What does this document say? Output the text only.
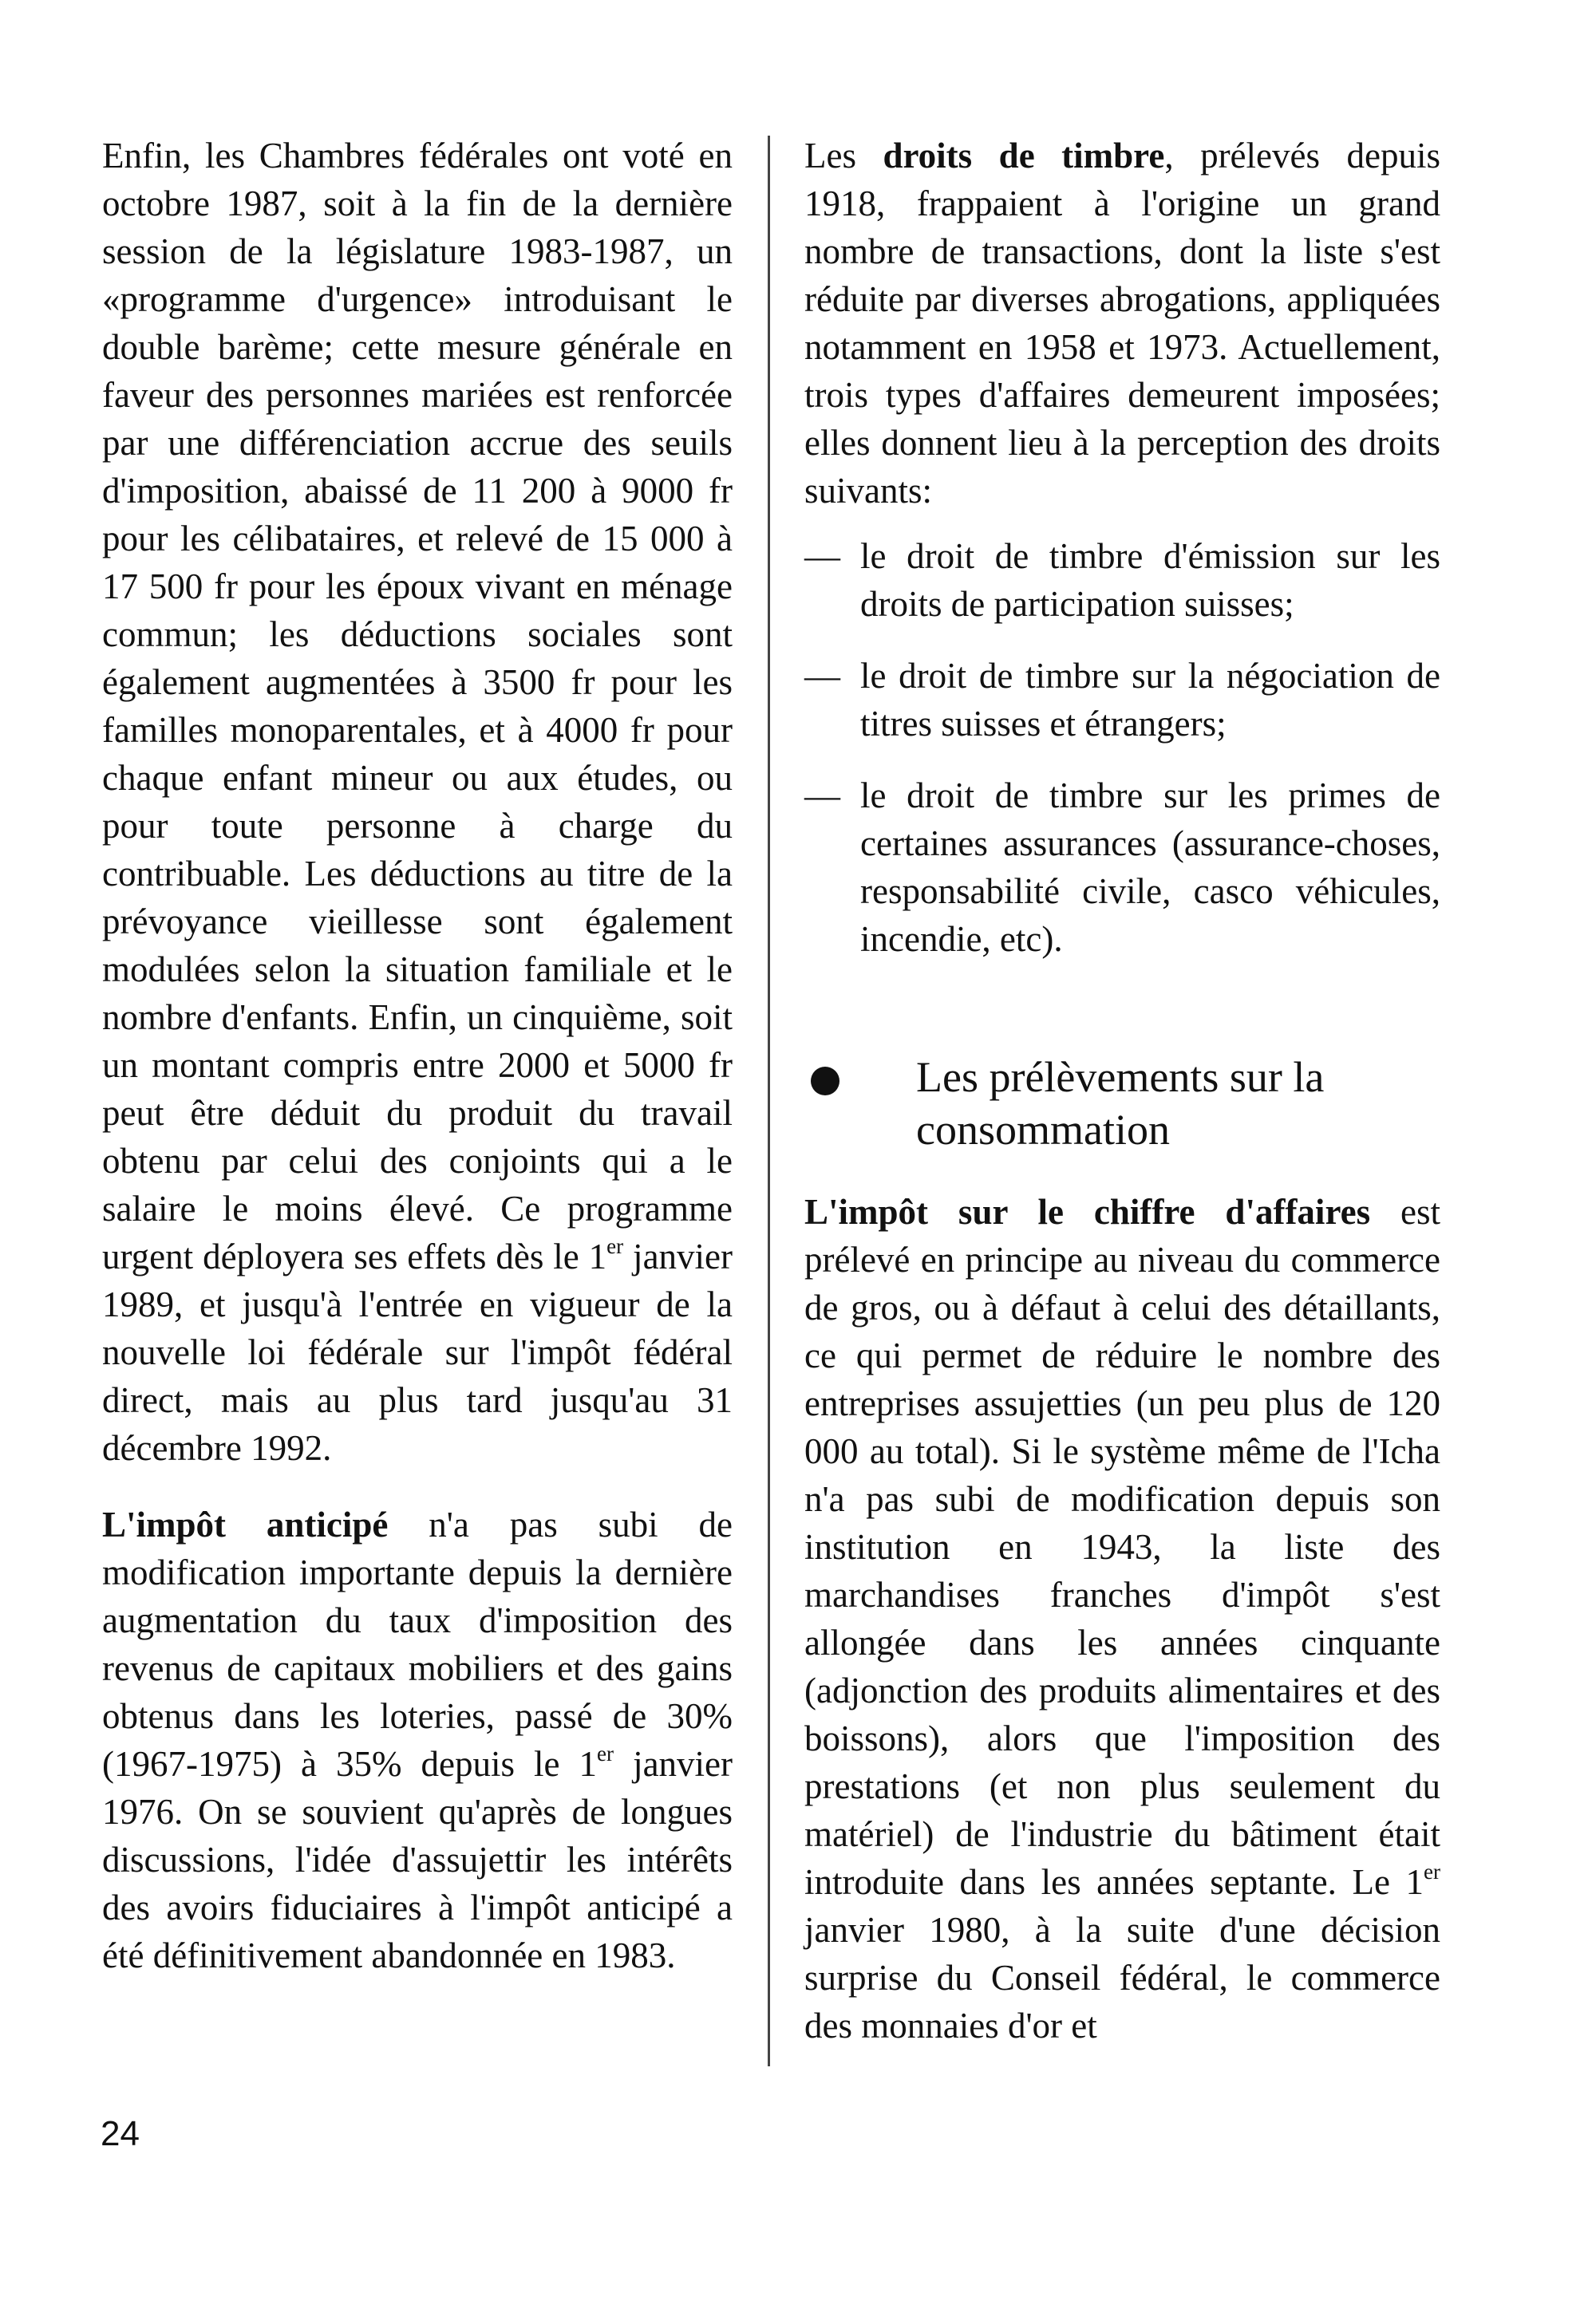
Enfin, les Chambres fédérales ont voté en octobre 1987, soit à la fin de la dernière session de la législature 1983-1987, un «programme d'urgence» introduisant le double barème; cette mesure générale en faveur des personnes mariées est renforcée par une différenciation accrue des seuils d'imposition, abaissé de 11 200 à 9000 fr pour les célibataires, et relevé de 15 000 à 17 500 fr pour les époux vivant en ménage commun; les déductions sociales sont également augmentées à 3500 fr pour les familles monoparentales, et à 4000 fr pour chaque enfant mineur ou aux études, ou pour toute personne à charge du contribuable. Les déductions au titre de la prévoyance vieillesse sont également modulées selon la situation familiale et le nombre d'enfants. Enfin, un cinquième, soit un montant compris entre 2000 et 5000 fr peut être déduit du produit du travail obtenu par celui des conjoints qui a le salaire le moins élevé. Ce programme urgent déployera ses effets dès le 1er janvier 1989, et jusqu'à l'entrée en vigueur de la nouvelle loi fédérale sur l'impôt fédéral direct, mais au plus tard jusqu'au 31 décembre 1992.

L'impôt anticipé n'a pas subi de modification importante depuis la dernière augmentation du taux d'imposition des revenus de capitaux mobiliers et des gains obtenus dans les loteries, passé de 30% (1967-1975) à 35% depuis le 1er janvier 1976. On se souvient qu'après de longues discussions, l'idée d'assujettir les intérêts des avoirs fiduciaires à l'impôt anticipé a été définitivement abandonnée en 1983.

Les droits de timbre, prélevés depuis 1918, frappaient à l'origine un grand nombre de transactions, dont la liste s'est réduite par diverses abrogations, appliquées notamment en 1958 et 1973. Actuellement, trois types d'affaires demeurent imposées; elles donnent lieu à la perception des droits suivants:

— le droit de timbre d'émission sur les droits de participation suisses;
— le droit de timbre sur la négociation de titres suisses et étrangers;
— le droit de timbre sur les primes de certaines assurances (assurance-choses, responsabilité civile, casco véhicules, incendie, etc).
Les prélèvements sur la consommation

L'impôt sur le chiffre d'affaires est prélevé en principe au niveau du commerce de gros, ou à défaut à celui des détaillants, ce qui permet de réduire le nombre des entreprises assujetties (un peu plus de 120 000 au total). Si le système même de l'Icha n'a pas subi de modification depuis son institution en 1943, la liste des marchandises franches d'impôt s'est allongée dans les années cinquante (adjonction des produits alimentaires et des boissons), alors que l'imposition des prestations (et non plus seulement du matériel) de l'industrie du bâtiment était introduite dans les années septante. Le 1er janvier 1980, à la suite d'une décision surprise du Conseil fédéral, le commerce des monnaies d'or et

24
